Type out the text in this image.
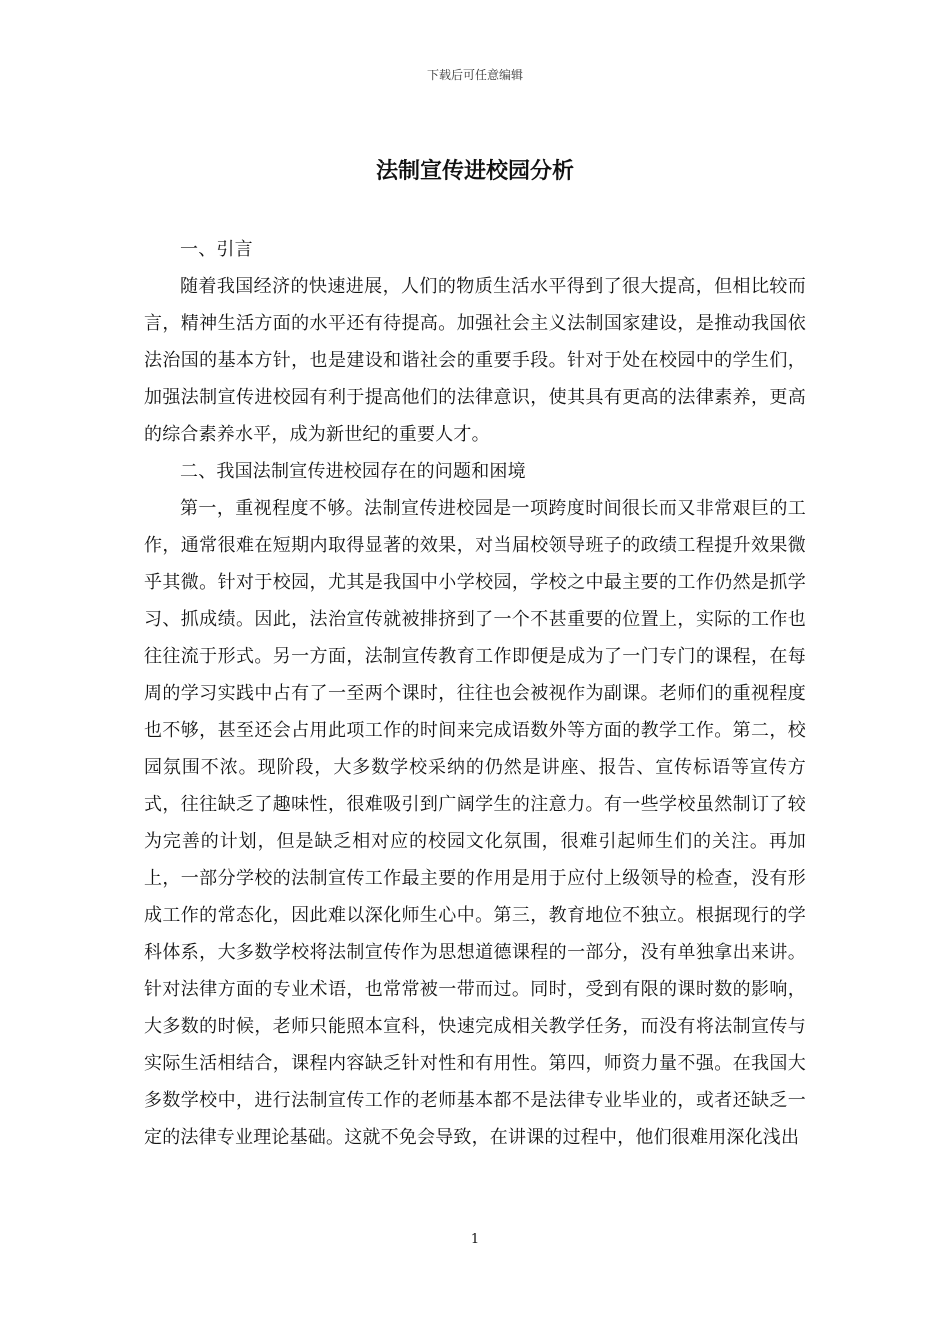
下载后可任意编辑
法制宣传进校园分析

一、引言

随着我国经济的快速进展，人们的物质生活水平得到了很大提高，但相比较而言，精神生活方面的水平还有待提高。加强社会主义法制国家建设，是推动我国依法治国的基本方针，也是建设和谐社会的重要手段。针对于处在校园中的学生们，加强法制宣传进校园有利于提高他们的法律意识，使其具有更高的法律素养，更高的综合素养水平，成为新世纪的重要人才。

二、我国法制宣传进校园存在的问题和困境

第一，重视程度不够。法制宣传进校园是一项跨度时间很长而又非常艰巨的工作，通常很难在短期内取得显著的效果，对当届校领导班子的政绩工程提升效果微乎其微。针对于校园，尤其是我国中小学校园，学校之中最主要的工作仍然是抓学习、抓成绩。因此，法治宣传就被排挤到了一个不甚重要的位置上，实际的工作也往往流于形式。另一方面，法制宣传教育工作即便是成为了一门专门的课程，在每周的学习实践中占有了一至两个课时，往往也会被视作为副课。老师们的重视程度也不够，甚至还会占用此项工作的时间来完成语数外等方面的教学工作。第二，校园氛围不浓。现阶段，大多数学校采纳的仍然是讲座、报告、宣传标语等宣传方式，往往缺乏了趣味性，很难吸引到广阔学生的注意力。有一些学校虽然制订了较为完善的计划，但是缺乏相对应的校园文化氛围，很难引起师生们的关注。再加上，一部分学校的法制宣传工作最主要的作用是用于应付上级领导的检查，没有形成工作的常态化，因此难以深化师生心中。第三，教育地位不独立。根据现行的学科体系，大多数学校将法制宣传作为思想道德课程的一部分，没有单独拿出来讲。针对法律方面的专业术语，也常常被一带而过。同时，受到有限的课时数的影响，大多数的时候，老师只能照本宣科，快速完成相关教学任务，而没有将法制宣传与实际生活相结合，课程内容缺乏针对性和有用性。第四，师资力量不强。在我国大多数学校中，进行法制宣传工作的老师基本都不是法律专业毕业的，或者还缺乏一定的法律专业理论基础。这就不免会导致，在讲课的过程中，他们很难用深化浅出

1
